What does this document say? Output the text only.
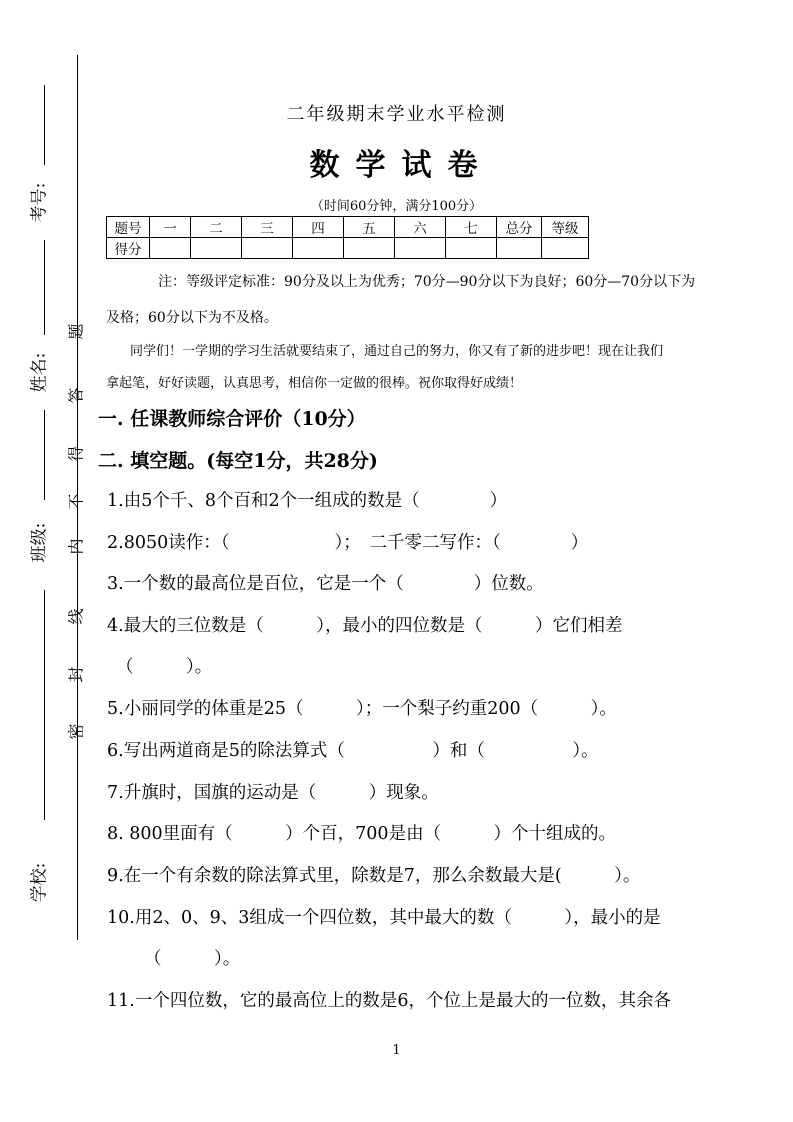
考号:
姓名:
班级:
学校:
题
答
得
不
内
线
封
密
二年级期末学业水平检测
数学试卷
（时间60分钟，满分100分）
题号	一	二	三	四	五	六	七	总分	等级
得分									
注：等级评定标准：90分及以上为优秀；70分—90分以下为良好；60分—70分以下为
及格；60分以下为不及格。
同学们！一学期的学习生活就要结束了，通过自己的努力，你又有了新的进步吧！现在让我们
拿起笔，好好读题，认真思考，相信你一定做的很棒。祝你取得好成绩！
一. 任课教师综合评价（10分）
二. 填空题。(每空1分，共28分)
1.由5个千、8个百和2个一组成的数是（　　　　）
2.8050读作：（　　　　　　）；　二千零二写作：（　　　　）
3.一个数的最高位是百位，它是一个（　　　　）位数。
4.最大的三位数是（　　　），最小的四位数是（　　　）它们相差
（　　　）。
5.小丽同学的体重是25（　　　）；一个梨子约重200（　　　）。
6.写出两道商是5的除法算式（　　　　　）和（　　　　　）。
7.升旗时，国旗的运动是（　　　）现象。
8. 800里面有（　　　）个百，700是由（　　　）个十组成的。
9.在一个有余数的除法算式里，除数是7，那么余数最大是(　　　）。
10.用2、0、9、3组成一个四位数，其中最大的数（　　　），最小的是
（　　　）。
11.一个四位数，它的最高位上的数是6，个位上是最大的一位数，其余各
1
